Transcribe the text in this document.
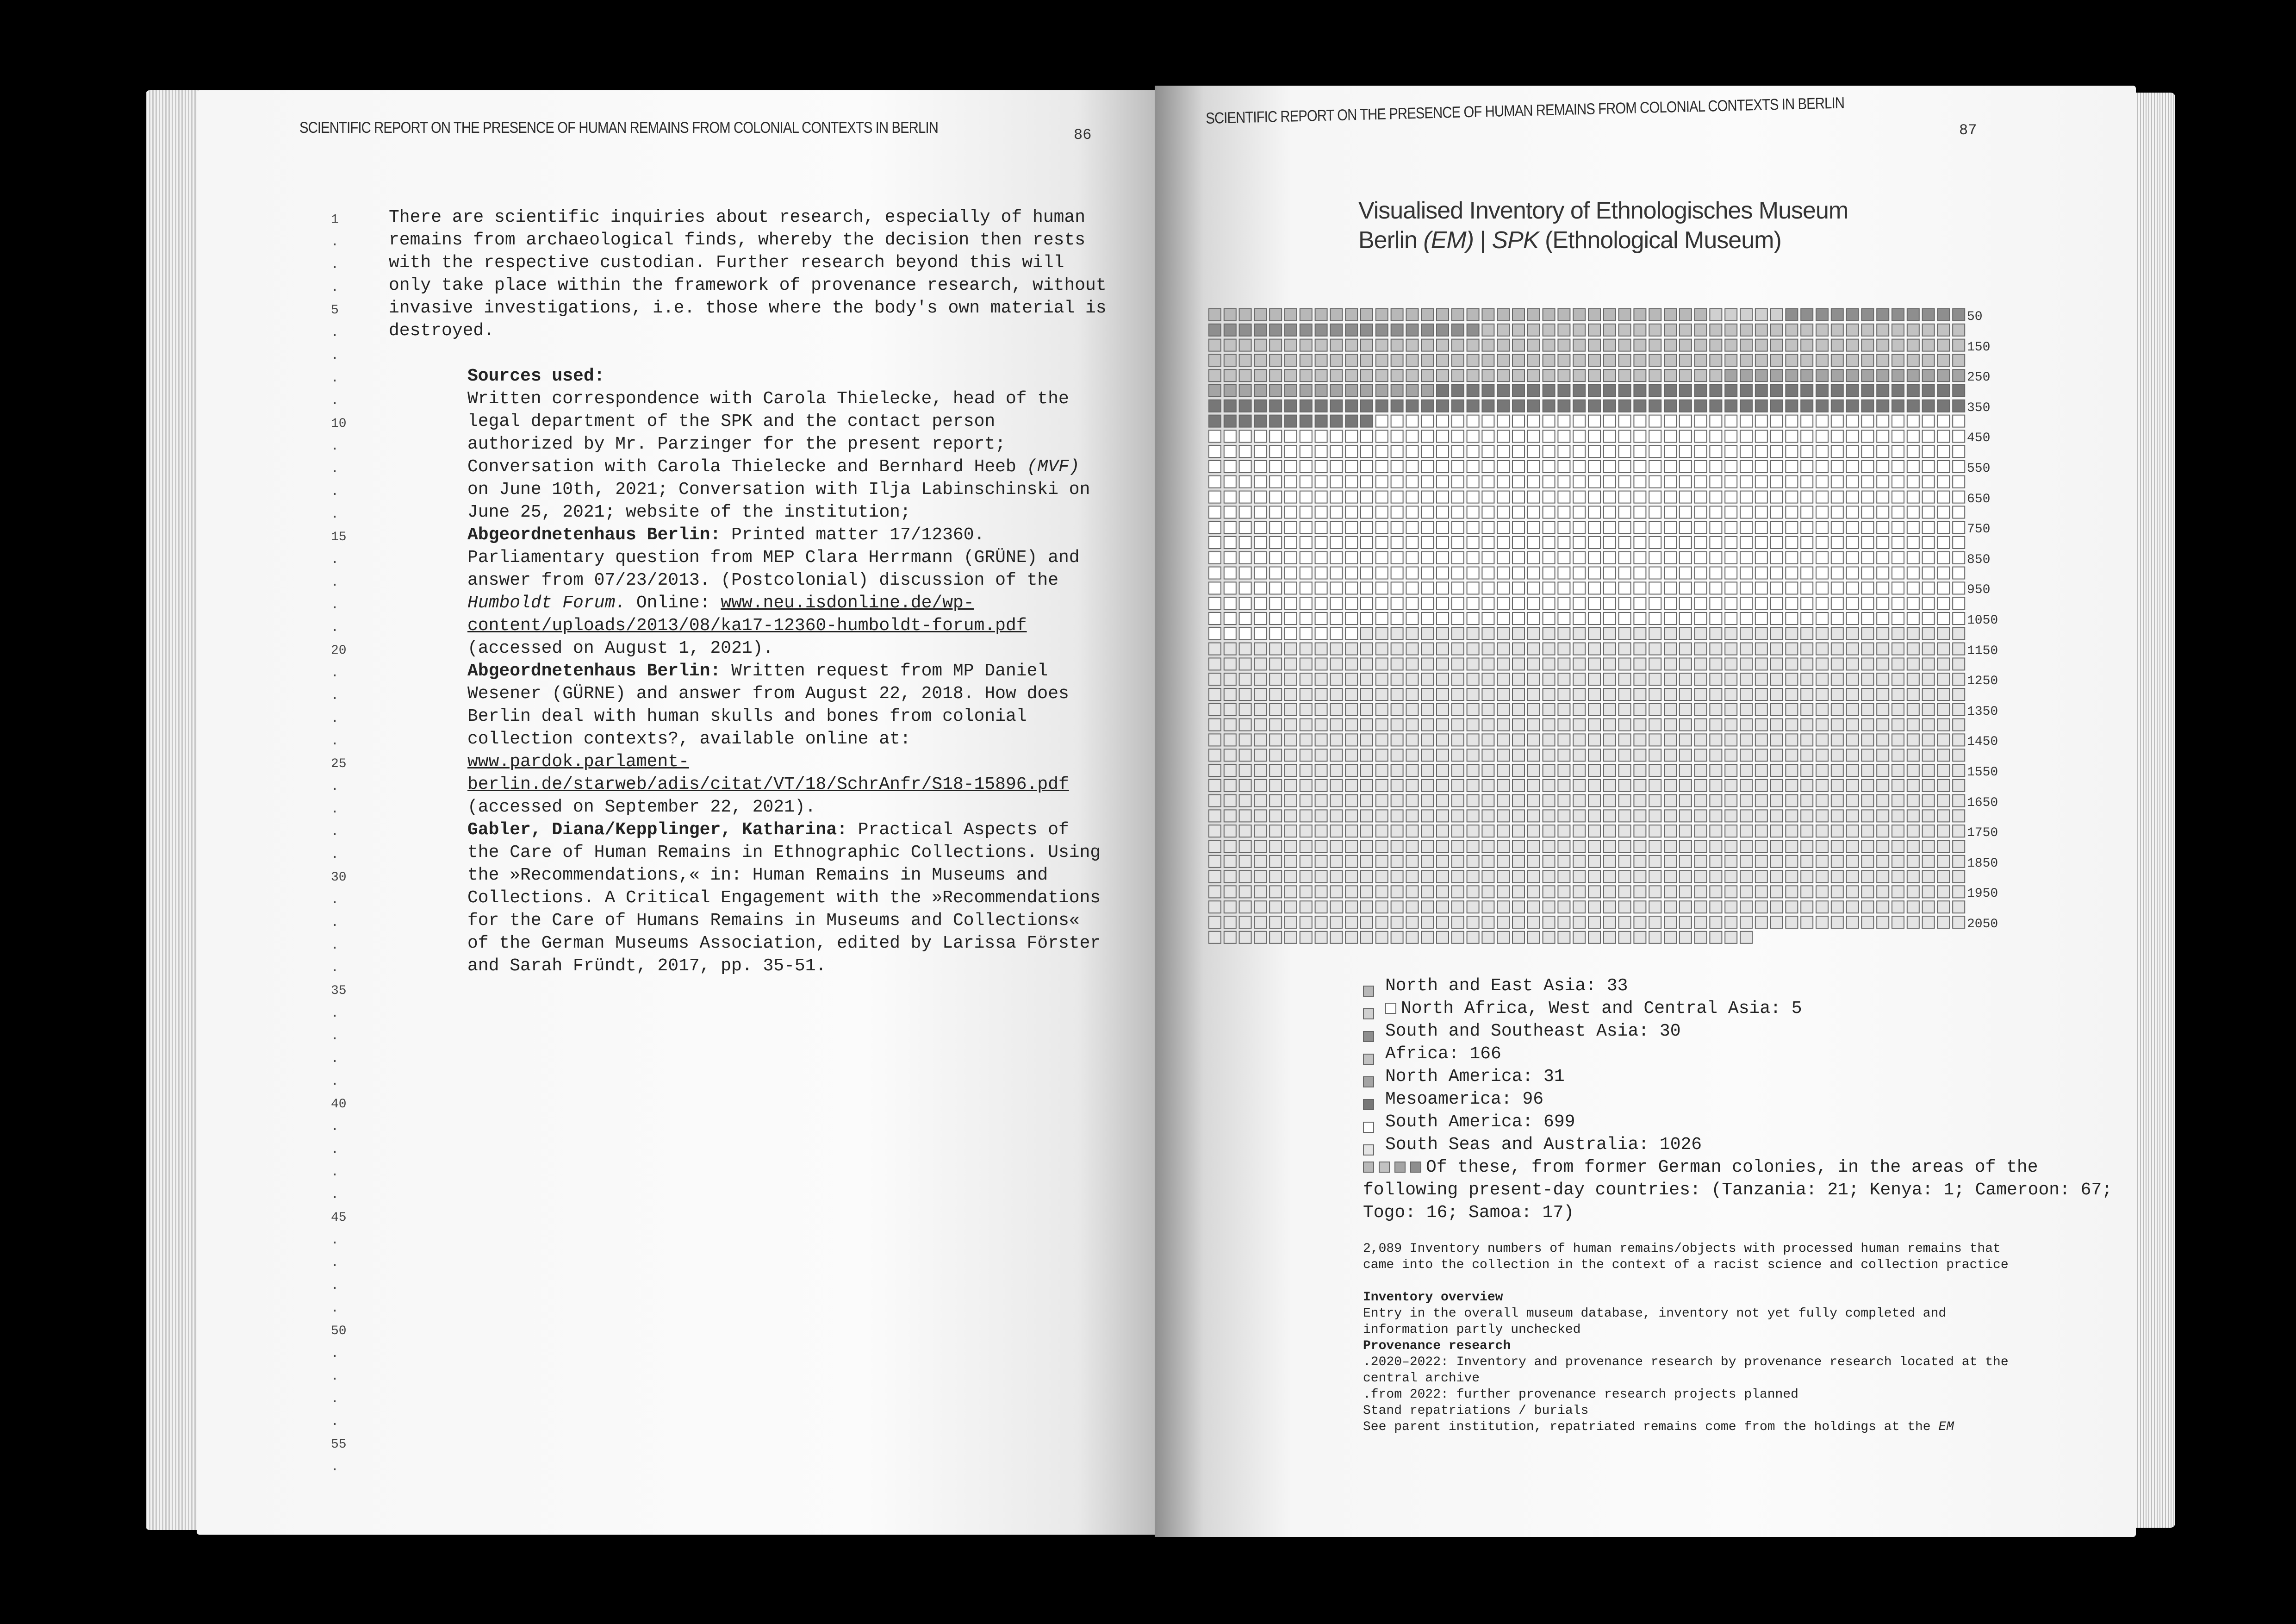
SCIENTIFIC REPORT ON THE PRESENCE OF HUMAN REMAINS FROM COLONIAL CONTEXTS IN BERLIN	86
1
.
.
.
5
.
.
.
.
10
.
.
.
.
15
.
.
.
.
20
.
.
.
.
25
.
.
.
.
30
.
.
.
.
35
.
.
.
.
40
.
.
.
.
45
.
.
.
.
50
.
.
.
.
55
.

There are scientific inquiries about research, especially of human remains from archaeological finds, whereby the decision then rests with the respective custodian. Further research beyond this will only take place within the framework of provenance research, without invasive investigations, i.e. those where the body's own material is destroyed.

Sources used:

Written correspondence with Carola Thielecke, head of the legal department of the SPK and the contact person authorized by Mr. Parzinger for the present report; Conversation with Carola Thielecke and Bernhard Heeb (MVF) on June 10th, 2021; Conversation with Ilja Labinschinski on June 25, 2021; website of the institution;

Abgeordnetenhaus Berlin: Printed matter 17/12360. Parliamentary question from MEP Clara Herrmann (GRÜNE) and answer from 07/23/2013. (Postcolonial) discussion of the Humboldt Forum. Online: www.neu.isdonline.de/wp-content/uploads/2013/08/ka17-12360-humboldt-forum.pdf (accessed on August 1, 2021).

Abgeordnetenhaus Berlin: Written request from MP Daniel Wesener (GÜRNE) and answer from August 22, 2018. How does Berlin deal with human skulls and bones from colonial collection contexts?, available online at: www.pardok.parlament-berlin.de/starweb/adis/citat/VT/18/SchrAnfr/S18-15896.pdf (accessed on September 22, 2021).

Gabler, Diana/Kepplinger, Katharina: Practical Aspects of the Care of Human Remains in Ethnographic Collections. Using the »Recommendations,« in: Human Remains in Museums and Collections. A Critical Engagement with the »Recommendations for the Care of Humans Remains in Museums and Collections« of the German Museums Association, edited by Larissa Förster and Sarah Fründt, 2017, pp. 35-51.

SCIENTIFIC REPORT ON THE PRESENCE OF HUMAN REMAINS FROM COLONIAL CONTEXTS IN BERLIN
87
Visualised Inventory of Ethnologisches Museum
Berlin (EM) | SPK (Ethnological Museum)
50
150
250
350
450
550
650
750
850
950
1050
1150
1250
1350
1450
1550
1650
1750
1850
1950
2050
North and East Asia: 33
North Africa, West and Central Asia: 5
South and Southeast Asia: 30
Africa: 166
North America: 31
Mesoamerica: 96
South America: 699
South Seas and Australia: 1026
Of these, from former German colonies, in the areas of the following present-day countries: (Tanzania: 21; Kenya: 1; Cameroon: 67; Togo: 16; Samoa: 17)

2,089 Inventory numbers of human remains/objects with processed human remains that came into the collection in the context of a racist science and collection practice

Inventory overview

Entry in the overall museum database, inventory not yet fully completed and information partly unchecked

Provenance research

.2020–2022: Inventory and provenance research by provenance research located at the central archive

.from 2022: further provenance research projects planned

Stand repatriations / burials

See parent institution, repatriated remains come from the holdings at the EM
